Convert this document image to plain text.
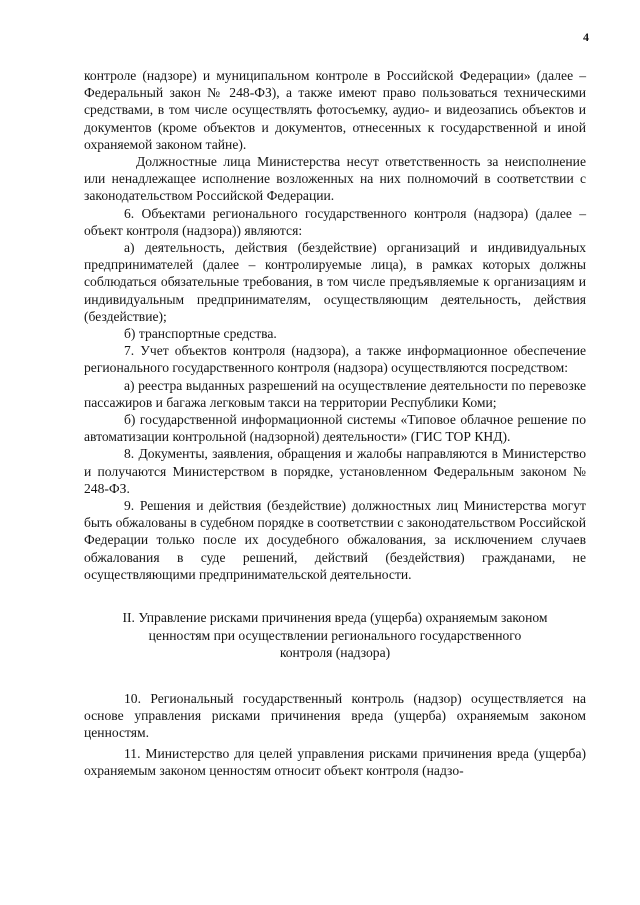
4

контроле (надзоре) и муниципальном контроле в Российской Федерации» (далее – Федеральный закон № 248-ФЗ), а также имеют право пользоваться техническими средствами, в том числе осуществлять фотосъемку, аудио- и видеозапись объектов и документов (кроме объектов и документов, отнесенных к государственной и иной охраняемой законом тайне).

Должностные лица Министерства несут ответственность за неисполнение или ненадлежащее исполнение возложенных на них полномочий в соответствии с законодательством Российской Федерации.

6. Объектами регионального государственного контроля (надзора) (далее – объект контроля (надзора)) являются:

а) деятельность, действия (бездействие) организаций и индивидуальных предпринимателей (далее – контролируемые лица), в рамках которых должны соблюдаться обязательные требования, в том числе предъявляемые к организациям и индивидуальным предпринимателям, осуществляющим деятельность, действия (бездействие);

б) транспортные средства.

7. Учет объектов контроля (надзора), а также информационное обеспечение регионального государственного контроля (надзора) осуществляются посредством:

а) реестра выданных разрешений на осуществление деятельности по перевозке пассажиров и багажа легковым такси на территории Республики Коми;

б) государственной информационной системы «Типовое облачное решение по автоматизации контрольной (надзорной) деятельности» (ГИС ТОР КНД).

8. Документы, заявления, обращения и жалобы направляются в Министерство и получаются Министерством в порядке, установленном Федеральным законом № 248-ФЗ.

9. Решения и действия (бездействие) должностных лиц Министерства могут быть обжалованы в судебном порядке в соответствии с законодательством Российской Федерации только после их досудебного обжалования, за исключением случаев обжалования в суде решений, действий (бездействия) гражданами, не осуществляющими предпринимательской деятельности.

II. Управление рисками причинения вреда (ущерба) охраняемым законом
ценностям при осуществлении регионального государственного
контроля (надзора)

10. Региональный государственный контроль (надзор) осуществляется на основе управления рисками причинения вреда (ущерба) охраняемым законом ценностям.

11. Министерство для целей управления рисками причинения вреда (ущерба) охраняемым законом ценностям относит объект контроля (надзо-
